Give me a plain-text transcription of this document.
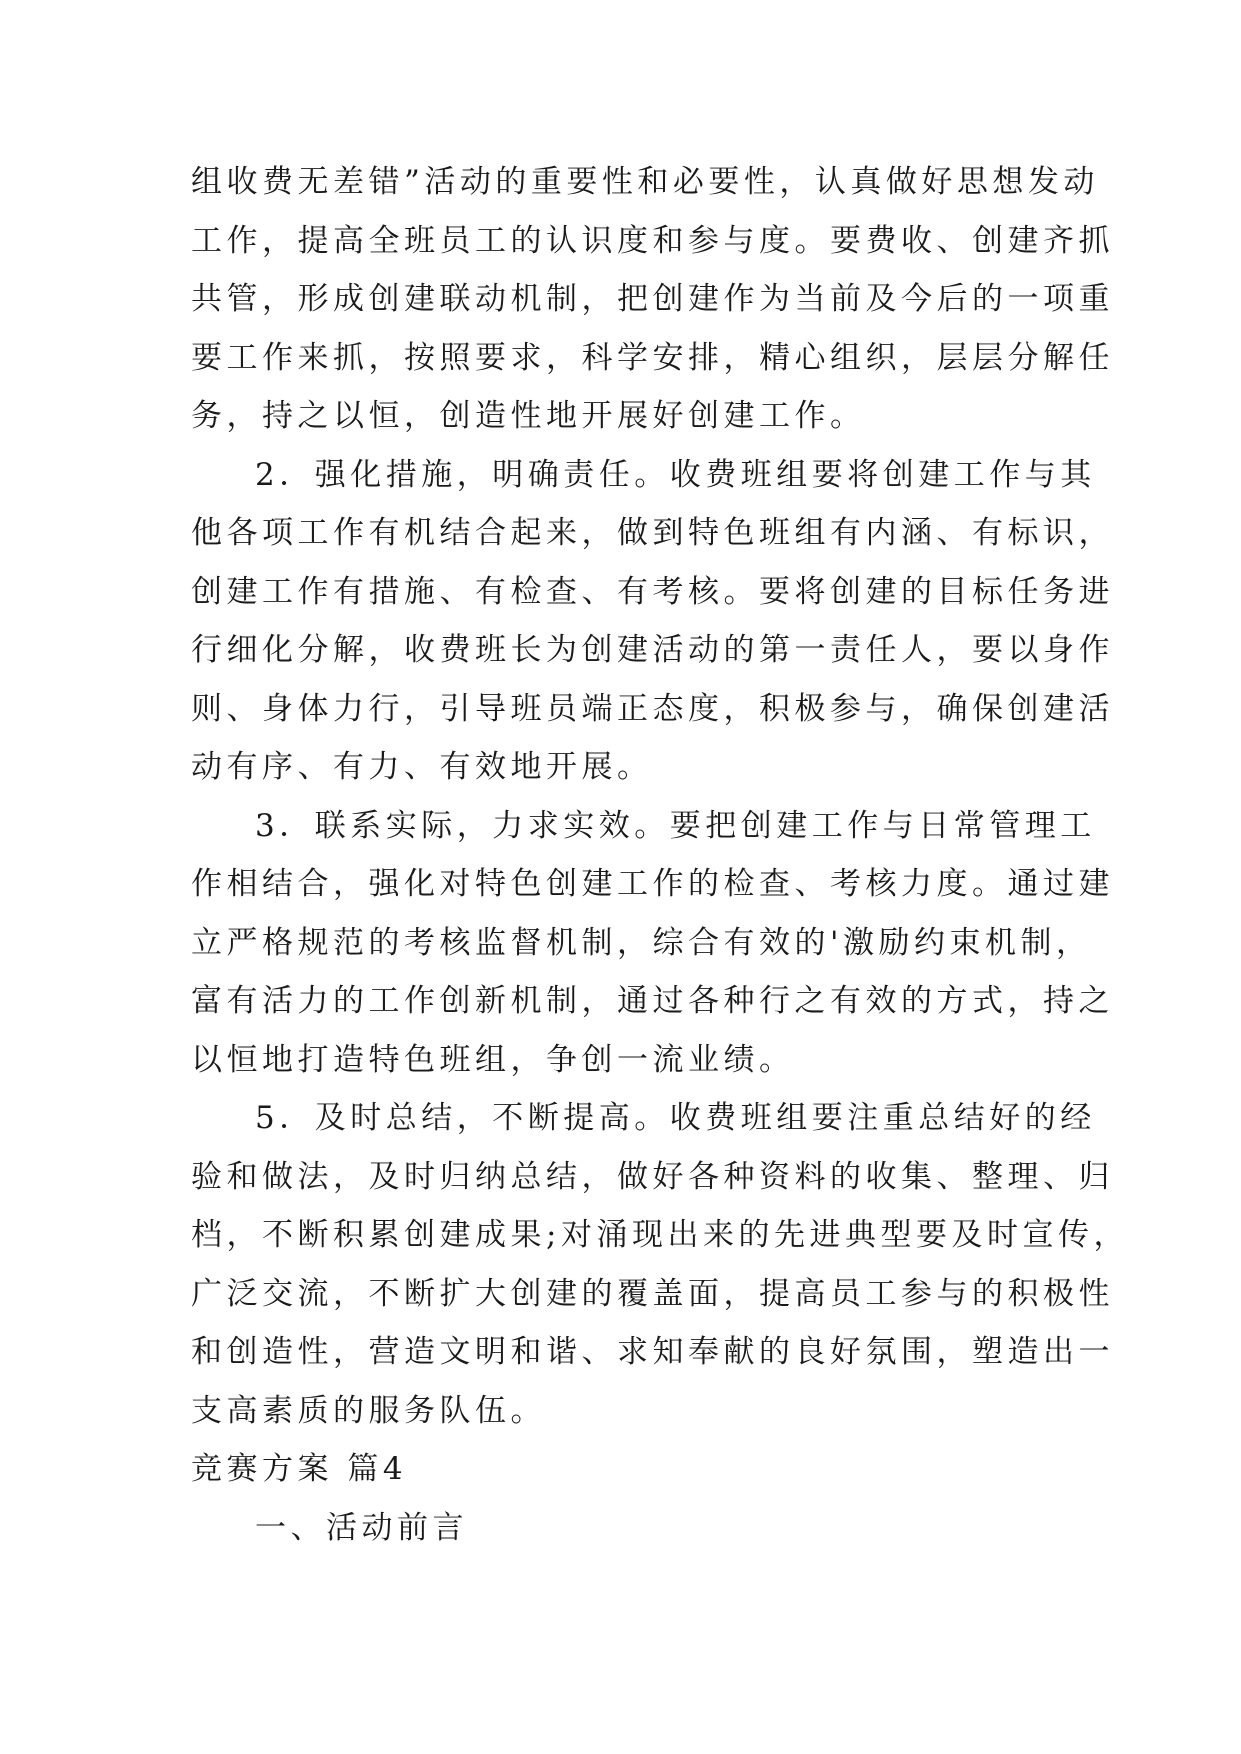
组收费无差错”活动的重要性和必要性，认真做好思想发动
工作，提高全班员工的认识度和参与度。要费收、创建齐抓
共管，形成创建联动机制，把创建作为当前及今后的一项重
要工作来抓，按照要求，科学安排，精心组织，层层分解任
务，持之以恒，创造性地开展好创建工作。
2．强化措施，明确责任。收费班组要将创建工作与其
他各项工作有机结合起来，做到特色班组有内涵、有标识，
创建工作有措施、有检查、有考核。要将创建的目标任务进
行细化分解，收费班长为创建活动的第一责任人，要以身作
则、身体力行，引导班员端正态度，积极参与，确保创建活
动有序、有力、有效地开展。
3．联系实际，力求实效。要把创建工作与日常管理工
作相结合，强化对特色创建工作的检查、考核力度。通过建
立严格规范的考核监督机制，综合有效的'激励约束机制，
富有活力的工作创新机制，通过各种行之有效的方式，持之
以恒地打造特色班组，争创一流业绩。
5．及时总结，不断提高。收费班组要注重总结好的经
验和做法，及时归纳总结，做好各种资料的收集、整理、归
档，不断积累创建成果;对涌现出来的先进典型要及时宣传，
广泛交流，不断扩大创建的覆盖面，提高员工参与的积极性
和创造性，营造文明和谐、求知奉献的良好氛围，塑造出一
支高素质的服务队伍。
竞赛方案 篇4
一、活动前言
